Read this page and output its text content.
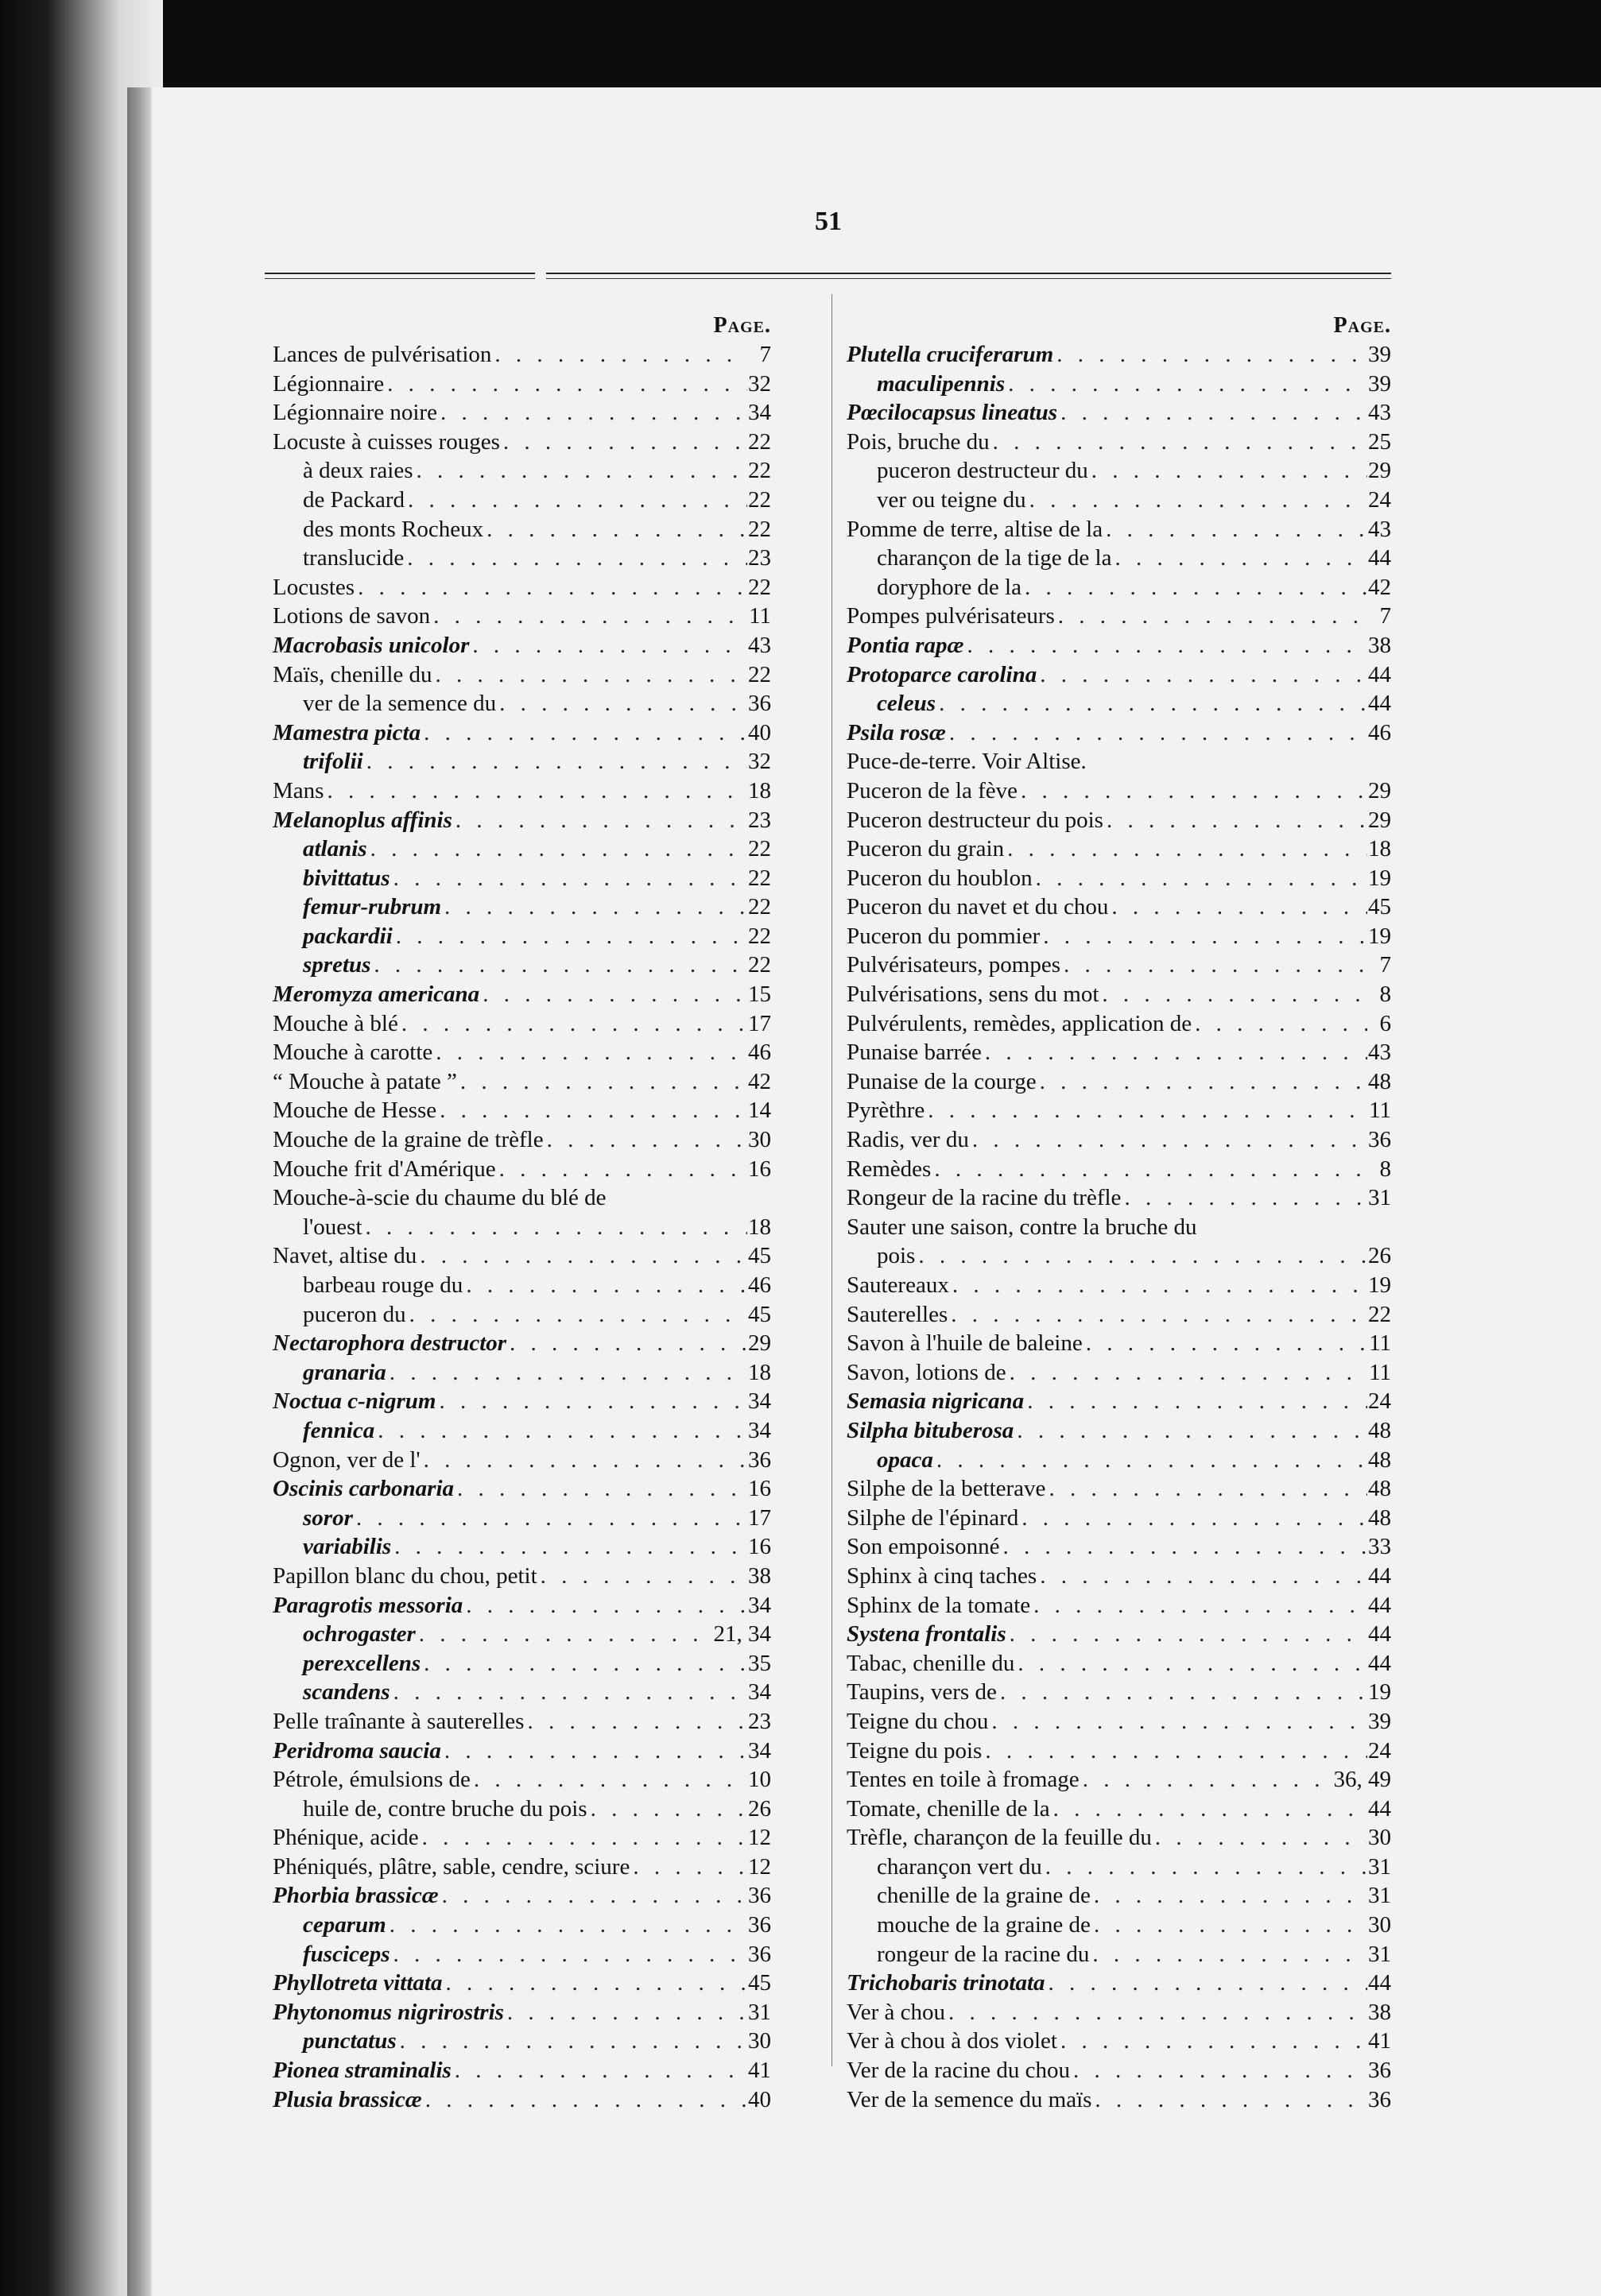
51
Page.
Lances de pulvérisation . . .	7
Légionnaire . . .	32
Légionnaire noire . . .	34
Locuste à cuisses rouges . . .	22
à deux raies . . .	22
de Packard . . .	22
des monts Rocheux . . .	22
translucide . . .	23
Locustes . . .	22
Lotions de savon . . .	11
Macrobasis unicolor . . .	43
Maïs, chenille du . . .	22
ver de la semence du . . .	36
Mamestra picta . . .	40
trifolii . . .	32
Mans . . .	18
Melanoplus affinis . . .	23
atlanis . . .	22
bivittatus . . .	22
femur-rubrum . . .	22
packardii . . .	22
spretus . . .	22
Meromyza americana . . .	15
Mouche à blé . . .	17
Mouche à carotte . . .	46
“ Mouche à patate ” . . .	42
Mouche de Hesse . . .	14
Mouche de la graine de trèfle . . .	30
Mouche frit d'Amérique . . .	16
Mouche-à-scie du chaume du blé de
l'ouest . . .	18
Navet, altise du . . .	45
barbeau rouge du . . .	46
puceron du . . .	45
Nectarophora destructor . . .	29
granaria . . .	18
Noctua c-nigrum . . .	34
fennica . . .	34
Ognon, ver de l' . . .	36
Oscinis carbonaria . . .	16
soror . . .	17
variabilis . . .	16
Papillon blanc du chou, petit . . .	38
Paragrotis messoria . . .	34
ochrogaster . . .	21, 34
perexcellens . . .	35
scandens . . .	34
Pelle traînante à sauterelles . . .	23
Peridroma saucia . . .	34
Pétrole, émulsions de . . .	10
huile de, contre bruche du pois . . .	26
Phénique, acide . . .	12
Phéniqués, plâtre, sable, cendre, sciure . . .	12
Phorbia brassicæ . . .	36
ceparum . . .	36
fusciceps . . .	36
Phyllotreta vittata . . .	45
Phytonomus nigrirostris . . .	31
punctatus . . .	30
Pionea straminalis . . .	41
Plusia brassicæ . . .	40
Page.
Plutella cruciferarum . . .	39
maculipennis . . .	39
Pœcilocapsus lineatus . . .	43
Pois, bruche du . . .	25
puceron destructeur du . . .	29
ver ou teigne du . . .	24
Pomme de terre, altise de la . . .	43
charançon de la tige de la . . .	44
doryphore de la . . .	42
Pompes pulvérisateurs . . .	7
Pontia rapæ . . .	38
Protoparce carolina . . .	44
celeus . . .	44
Psila rosæ . . .	46
Puce-de-terre. Voir Altise.
Puceron de la fève . . .	29
Puceron destructeur du pois . . .	29
Puceron du grain . . .	18
Puceron du houblon . . .	19
Puceron du navet et du chou . . .	45
Puceron du pommier . . .	19
Pulvérisateurs, pompes . . .	7
Pulvérisations, sens du mot . . .	8
Pulvérulents, remèdes, application de . . .	6
Punaise barrée . . .	43
Punaise de la courge . . .	48
Pyrèthre . . .	11
Radis, ver du . . .	36
Remèdes . . .	8
Rongeur de la racine du trèfle . . .	31
Sauter une saison, contre la bruche du
pois . . .	26
Sautereaux . . .	19
Sauterelles . . .	22
Savon à l'huile de baleine . . .	11
Savon, lotions de . . .	11
Semasia nigricana . . .	24
Silpha bituberosa . . .	48
opaca . . .	48
Silphe de la betterave . . .	48
Silphe de l'épinard . . .	48
Son empoisonné . . .	33
Sphinx à cinq taches . . .	44
Sphinx de la tomate . . .	44
Systena frontalis . . .	44
Tabac, chenille du . . .	44
Taupins, vers de . . .	19
Teigne du chou . . .	39
Teigne du pois . . .	24
Tentes en toile à fromage . . .	36, 49
Tomate, chenille de la . . .	44
Trèfle, charançon de la feuille du . . .	30
charançon vert du . . .	31
chenille de la graine de . . .	31
mouche de la graine de . . .	30
rongeur de la racine du . . .	31
Trichobaris trinotata . . .	44
Ver à chou . . .	38
Ver à chou à dos violet . . .	41
Ver de la racine du chou . . .	36
Ver de la semence du maïs . . .	36
